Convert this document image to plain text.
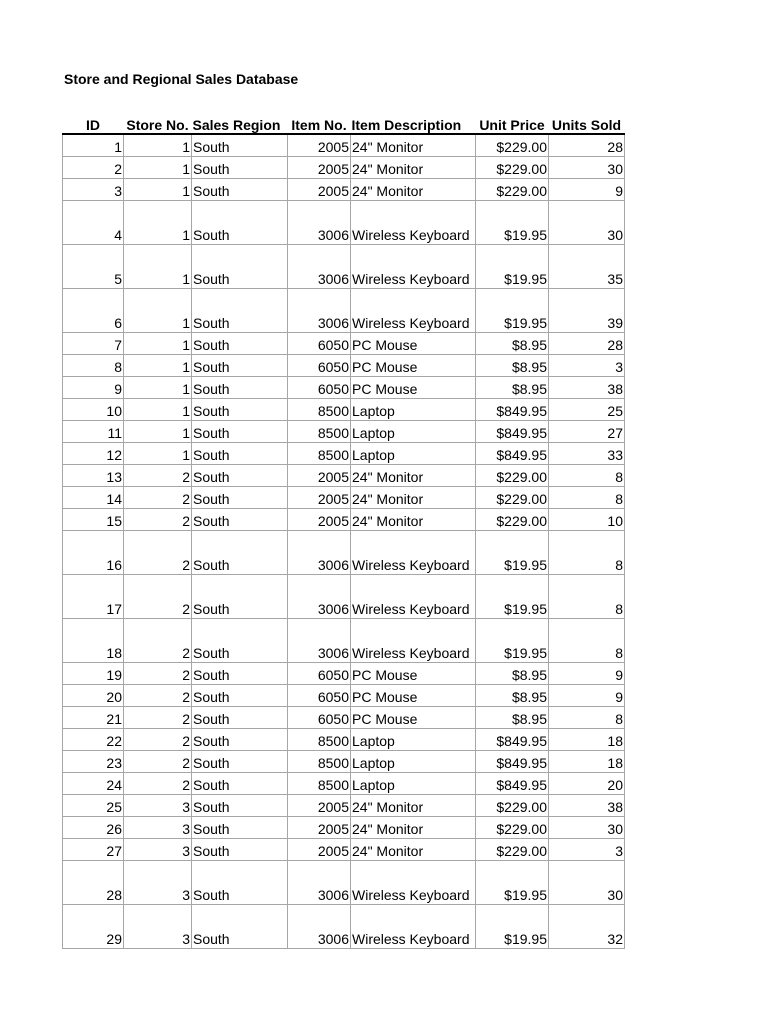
Store and Regional Sales Database
ID	Store No.	Sales Region	Item No.	Item Description	Unit Price	Units Sold
1	1	South	2005	24" Monitor	$229.00	28
2	1	South	2005	24" Monitor	$229.00	30
3	1	South	2005	24" Monitor	$229.00	9
4	1	South	3006	Wireless Keyboard	$19.95	30
5	1	South	3006	Wireless Keyboard	$19.95	35
6	1	South	3006	Wireless Keyboard	$19.95	39
7	1	South	6050	PC Mouse	$8.95	28
8	1	South	6050	PC Mouse	$8.95	3
9	1	South	6050	PC Mouse	$8.95	38
10	1	South	8500	Laptop	$849.95	25
11	1	South	8500	Laptop	$849.95	27
12	1	South	8500	Laptop	$849.95	33
13	2	South	2005	24" Monitor	$229.00	8
14	2	South	2005	24" Monitor	$229.00	8
15	2	South	2005	24" Monitor	$229.00	10
16	2	South	3006	Wireless Keyboard	$19.95	8
17	2	South	3006	Wireless Keyboard	$19.95	8
18	2	South	3006	Wireless Keyboard	$19.95	8
19	2	South	6050	PC Mouse	$8.95	9
20	2	South	6050	PC Mouse	$8.95	9
21	2	South	6050	PC Mouse	$8.95	8
22	2	South	8500	Laptop	$849.95	18
23	2	South	8500	Laptop	$849.95	18
24	2	South	8500	Laptop	$849.95	20
25	3	South	2005	24" Monitor	$229.00	38
26	3	South	2005	24" Monitor	$229.00	30
27	3	South	2005	24" Monitor	$229.00	3
28	3	South	3006	Wireless Keyboard	$19.95	30
29	3	South	3006	Wireless Keyboard	$19.95	32
